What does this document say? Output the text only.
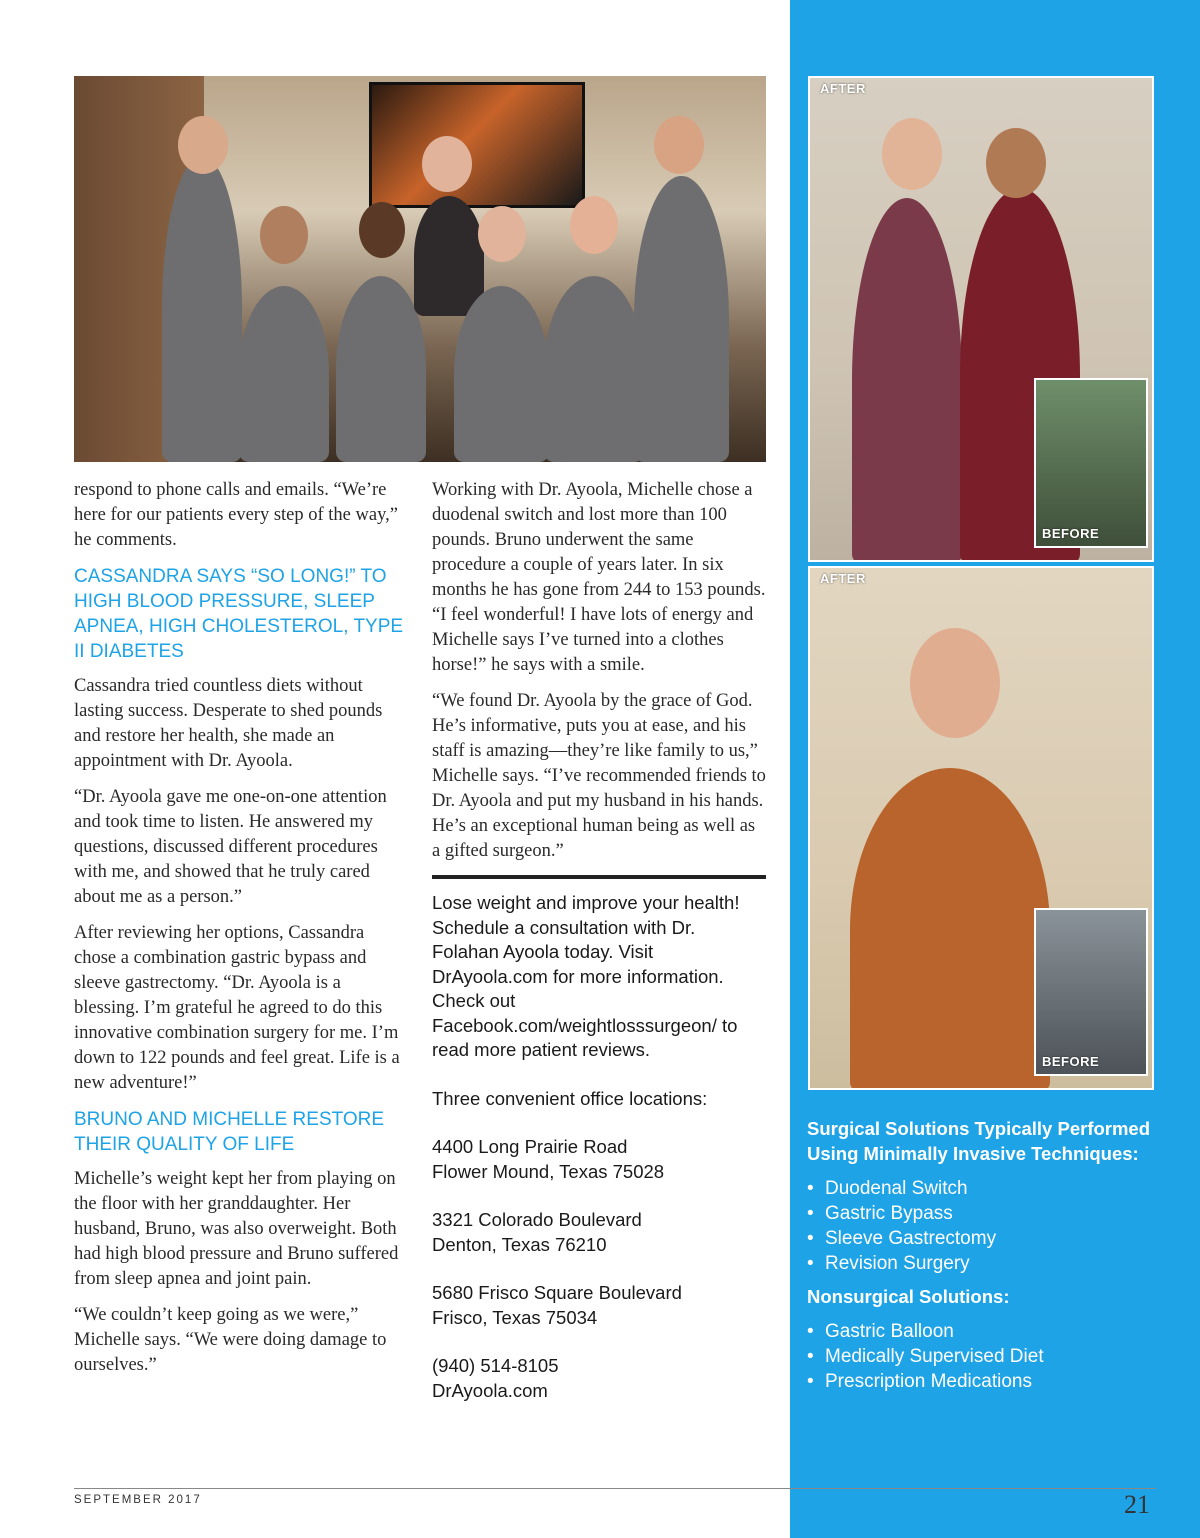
AFTER
BEFORE
AFTER
BEFORE

respond to phone calls and emails. “We’re here for our patients every step of the way,” he comments.

CASSANDRA SAYS “SO LONG!” TO HIGH BLOOD PRESSURE, SLEEP APNEA, HIGH CHOLESTEROL, TYPE II DIABETES

Cassandra tried countless diets without lasting success. Desperate to shed pounds and restore her health, she made an appointment with Dr. Ayoola.

“Dr. Ayoola gave me one-on-one attention and took time to listen. He answered my questions, discussed different procedures with me, and showed that he truly cared about me as a person.”

After reviewing her options, Cassandra chose a combination gastric bypass and sleeve gastrectomy. “Dr. Ayoola is a blessing. I’m grateful he agreed to do this innovative combination surgery for me. I’m down to 122 pounds and feel great. Life is a new adventure!”

BRUNO AND MICHELLE RESTORE THEIR QUALITY OF LIFE

Michelle’s weight kept her from playing on the floor with her granddaughter. Her husband, Bruno, was also overweight. Both had high blood pressure and Bruno suffered from sleep apnea and joint pain.

“We couldn’t keep going as we were,” Michelle says. “We were doing damage to ourselves.”

Working with Dr. Ayoola, Michelle chose a duodenal switch and lost more than 100 pounds. Bruno underwent the same procedure a couple of years later. In six months he has gone from 244 to 153 pounds. “I feel wonderful! I have lots of energy and Michelle says I’ve turned into a clothes horse!” he says with a smile.

“We found Dr. Ayoola by the grace of God. He’s informative, puts you at ease, and his staff is amazing—they’re like family to us,” Michelle says. “I’ve recommended friends to Dr. Ayoola and put my husband in his hands. He’s an exceptional human being as well as a gifted surgeon.”

Lose weight and improve your health! Schedule a consultation with Dr. Folahan Ayoola today. Visit DrAyoola.com for more information. Check out Facebook.com/weightlosssurgeon/ to read more patient reviews.

Three convenient office locations:

4400 Long Prairie Road
Flower Mound, Texas 75028

3321 Colorado Boulevard
Denton, Texas 76210

5680 Frisco Square Boulevard
Frisco, Texas 75034

(940) 514-8105
DrAyoola.com

Surgical Solutions Typically Performed Using Minimally Invasive Techniques:
• Duodenal Switch
• Gastric Bypass
• Sleeve Gastrectomy
• Revision Surgery
Nonsurgical Solutions:
• Gastric Balloon
• Medically Supervised Diet
• Prescription Medications
SEPTEMBER 2017	21
